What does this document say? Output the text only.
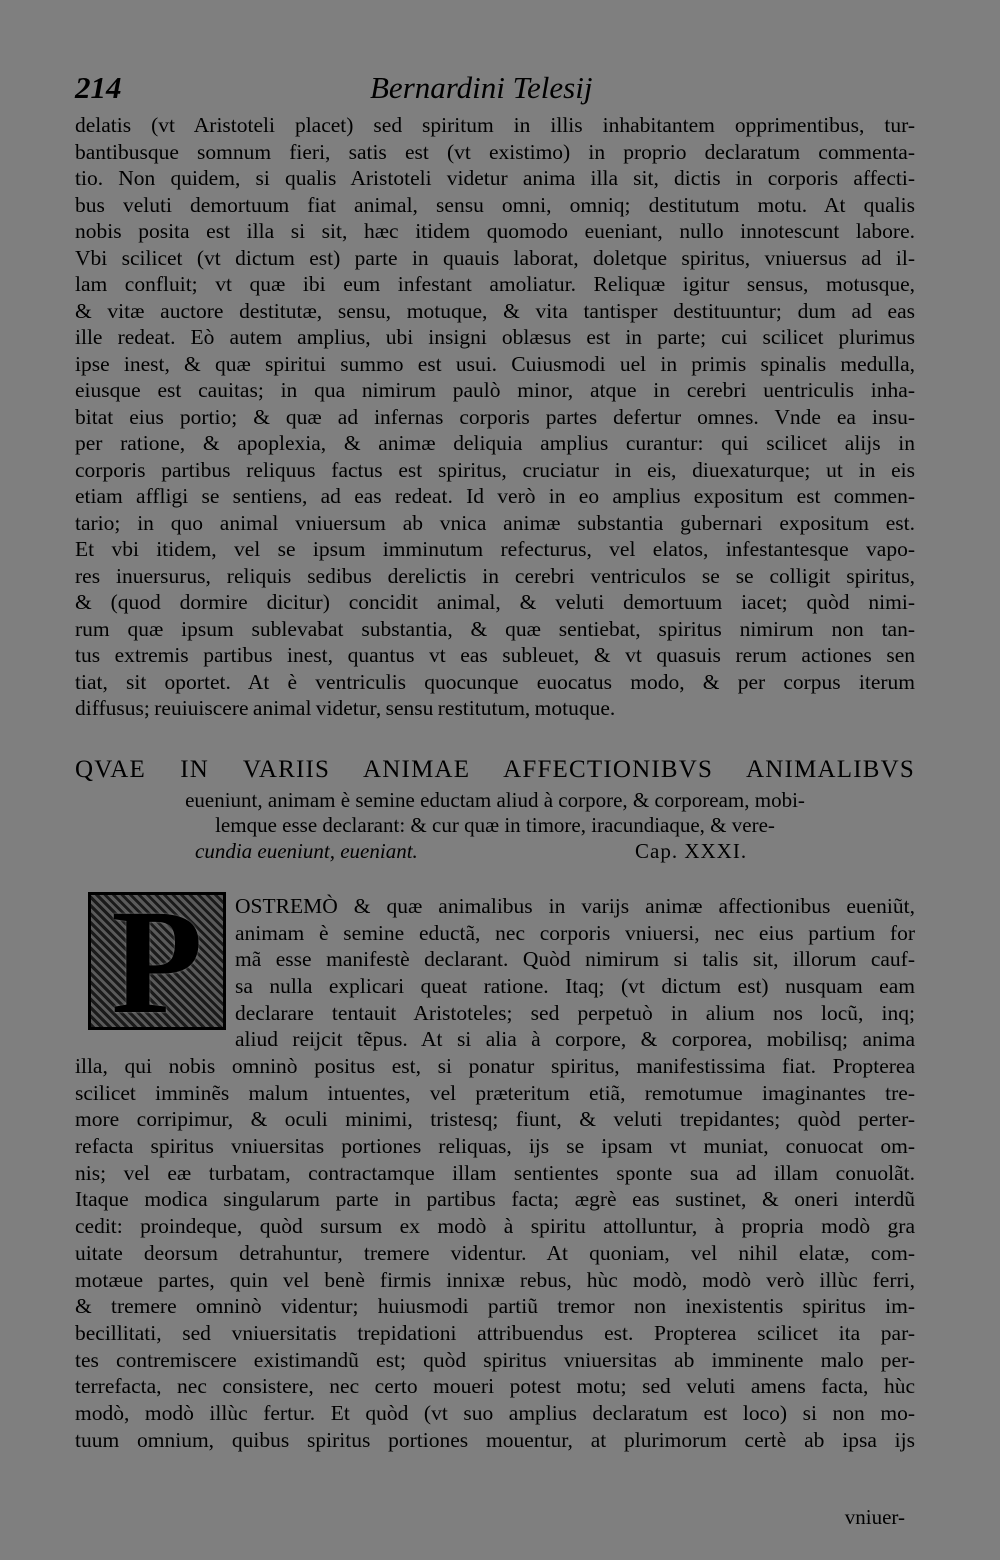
214	Bernardini Telesij
delatis (vt Aristoteli placet) sed spiritum in illis inhabitantem opprimentibus, tur-
bantibusque somnum fieri, satis est (vt existimo) in proprio declaratum commenta-
tio. Non quidem, si qualis Aristoteli videtur anima illa sit, dictis in corporis affecti-
bus veluti demortuum fiat animal, sensu omni, omniq; destitutum motu. At qualis
nobis posita est illa si sit, hæc itidem quomodo eueniant, nullo innotescunt labore.
Vbi scilicet (vt dictum est) parte in quauis laborat, doletque spiritus, vniuersus ad il-
lam confluit; vt quæ ibi eum infestant amoliatur. Reliquæ igitur sensus, motusque,
& vitæ auctore destitutæ, sensu, motuque, & vita tantisper destituuntur; dum ad eas
ille redeat. Eò autem amplius, ubi insigni oblæsus est in parte; cui scilicet plurimus
ipse inest, & quæ spiritui summo est usui. Cuiusmodi uel in primis spinalis medulla,
eiusque est cauitas; in qua nimirum paulò minor, atque in cerebri uentriculis inha-
bitat eius portio; & quæ ad infernas corporis partes defertur omnes. Vnde ea insu-
per ratione, & apoplexia, & animæ deliquia amplius curantur: qui scilicet alijs in
corporis partibus reliquus factus est spiritus, cruciatur in eis, diuexaturque; ut in eis
etiam affligi se sentiens, ad eas redeat. Id verò in eo amplius expositum est commen-
tario; in quo animal vniuersum ab vnica animæ substantia gubernari expositum est.
Et vbi itidem, vel se ipsum imminutum refecturus, vel elatos, infestantesque vapo-
res inuersurus, reliquis sedibus derelictis in cerebri ventriculos se se colligit spiritus,
& (quod dormire dicitur) concidit animal, & veluti demortuum iacet; quòd nimi-
rum quæ ipsum sublevabat substantia, & quæ sentiebat, spiritus nimirum non tan-
tus extremis partibus inest, quantus vt eas subleuet, & vt quasuis rerum actiones sen
tiat, sit oportet. At è ventriculis quocunque euocatus modo, & per corpus iterum
diffusus; reuiuiscere animal videtur, sensu restitutum, motuque.
QVAE IN VARIIS ANIMAE AFFECTIONIBVS ANIMALIBVS
eueniunt, animam è semine eductam aliud à corpore, & corpoream, mobi-
lemque esse declarant: & cur quæ in timore, iracundiaque, & vere-
cundia eueniunt, eueniant.	Cap. XXXI.
P	OSTREMÒ & quæ animalibus in varijs animæ affectionibus eueniũt,
animam è semine eductã, nec corporis vniuersi, nec eius partium for
mã esse manifestè declarant. Quòd nimirum si talis sit, illorum cauf-
sa nulla explicari queat ratione. Itaq; (vt dictum est) nusquam eam
declarare tentauit Aristoteles; sed perpetuò in alium nos locũ, inq;
aliud reijcit tẽpus. At si alia à corpore, & corporea, mobilisq; anima
illa, qui nobis omninò positus est, si ponatur spiritus, manifestissima fiat. Propterea
scilicet imminẽs malum intuentes, vel præteritum etiã, remotumue imaginantes tre-
more corripimur, & oculi minimi, tristesq; fiunt, & veluti trepidantes; quòd perter-
refacta spiritus vniuersitas portiones reliquas, ijs se ipsam vt muniat, conuocat om-
nis; vel eæ turbatam, contractamque illam sentientes sponte sua ad illam conuolãt.
Itaque modica singularum parte in partibus facta; ægrè eas sustinet, & oneri interdũ
cedit: proindeque, quòd sursum ex modò à spiritu attolluntur, à propria modò gra
uitate deorsum detrahuntur, tremere videntur. At quoniam, vel nihil elatæ, com-
motæue partes, quin vel benè firmis innixæ rebus, hùc modò, modò verò illùc ferri,
& tremere omninò videntur; huiusmodi partiũ tremor non inexistentis spiritus im-
becillitati, sed vniuersitatis trepidationi attribuendus est. Propterea scilicet ita par-
tes contremiscere existimandũ est; quòd spiritus vniuersitas ab imminente malo per-
terrefacta, nec consistere, nec certo moueri potest motu; sed veluti amens facta, hùc
modò, modò illùc fertur. Et quòd (vt suo amplius declaratum est loco) si non mo-
tuum omnium, quibus spiritus portiones mouentur, at plurimorum certè ab ipsa ijs
vniuer-
